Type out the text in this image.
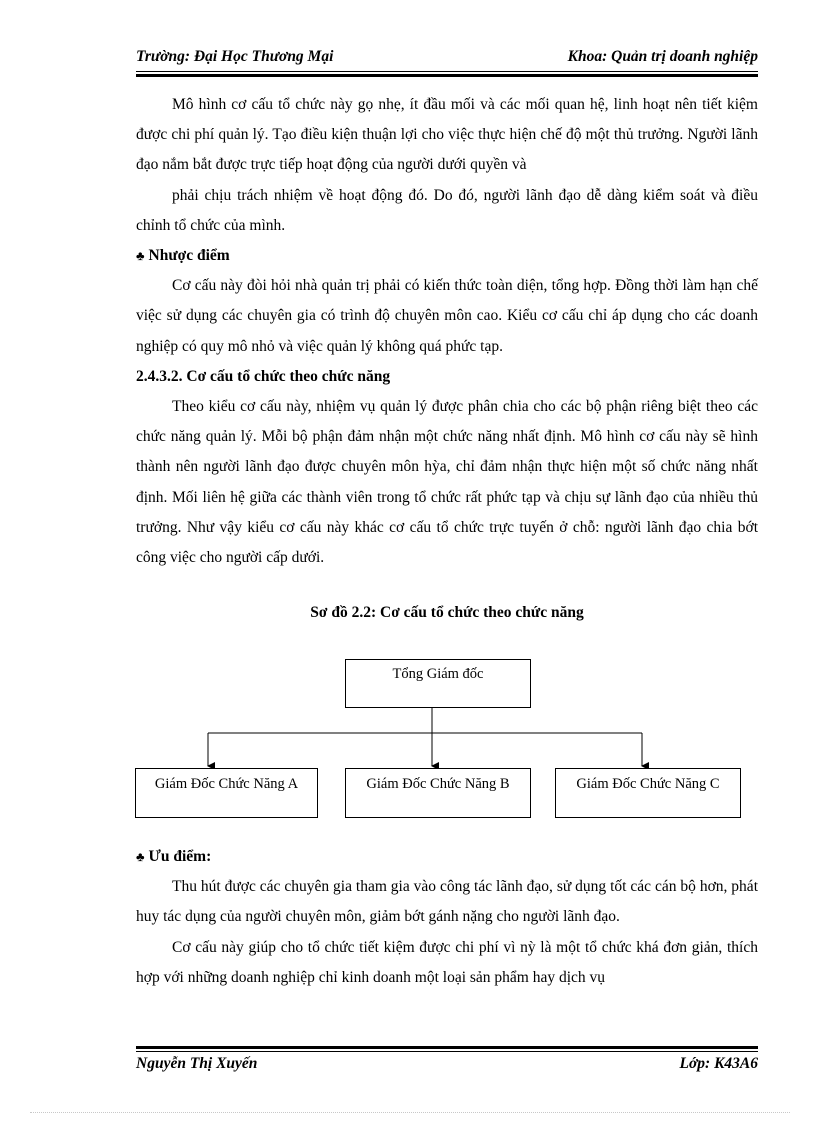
Trường: Đại Học Thương Mại	Khoa: Quản trị doanh nghiệp

Mô hình cơ cấu tổ chức này gọ nhẹ, ít đầu mối và các mối quan hệ, linh hoạt nên tiết kiệm được chi phí quản lý. Tạo điều kiện thuận lợi cho việc thực hiện chế độ một thủ trưởng. Người lãnh đạo nắm bắt được trực tiếp hoạt động của người dưới quyền và

phải chịu trách nhiệm về hoạt động đó. Do đó, người lãnh đạo dễ dàng kiểm soát và điều chỉnh tổ chức của mình.

♣ Nhược điểm

Cơ cấu này đòi hỏi nhà quản trị phải có kiến thức toàn diện, tổng hợp. Đồng thời làm hạn chế việc sử dụng các chuyên gia có trình độ chuyên môn cao. Kiểu cơ cấu chỉ áp dụng cho các doanh nghiệp có quy mô nhỏ và việc quản lý không quá phức tạp.

2.4.3.2. Cơ cấu tổ chức theo chức năng

Theo kiểu cơ cấu này, nhiệm vụ quản lý được phân chia cho các bộ phận riêng biệt theo các chức năng quản lý. Mỗi bộ phận đảm nhận một chức năng nhất định. Mô hình cơ cấu này sẽ hình thành nên người lãnh đạo được chuyên môn hỳa, chỉ đảm nhận thực hiện một số chức năng nhất định. Mối liên hệ giữa các thành viên trong tổ chức rất phức tạp và chịu sự lãnh đạo của nhiều thủ trưởng. Như vậy kiểu cơ cấu này khác cơ cấu tổ chức trực tuyến ở chỗ: người lãnh đạo chia bớt công việc cho người cấp dưới.

Sơ đồ 2.2: Cơ cấu tổ chức theo chức năng
Tổng Giám đốc
Giám Đốc Chức Năng A	Giám Đốc Chức Năng B	Giám Đốc Chức Năng C

♣ Ưu điểm:

Thu hút được các chuyên gia tham gia vào công tác lãnh đạo, sử dụng tốt các cán bộ hơn, phát huy tác dụng của người chuyên môn, giảm bớt gánh nặng cho người lãnh đạo.

Cơ cấu này giúp cho tổ chức tiết kiệm được chi phí vì nỳ là một tổ chức khá đơn giản, thích hợp với những doanh nghiệp chỉ kinh doanh một loại sản phẩm hay dịch vụ

Nguyễn Thị Xuyến	Lớp: K43A6
